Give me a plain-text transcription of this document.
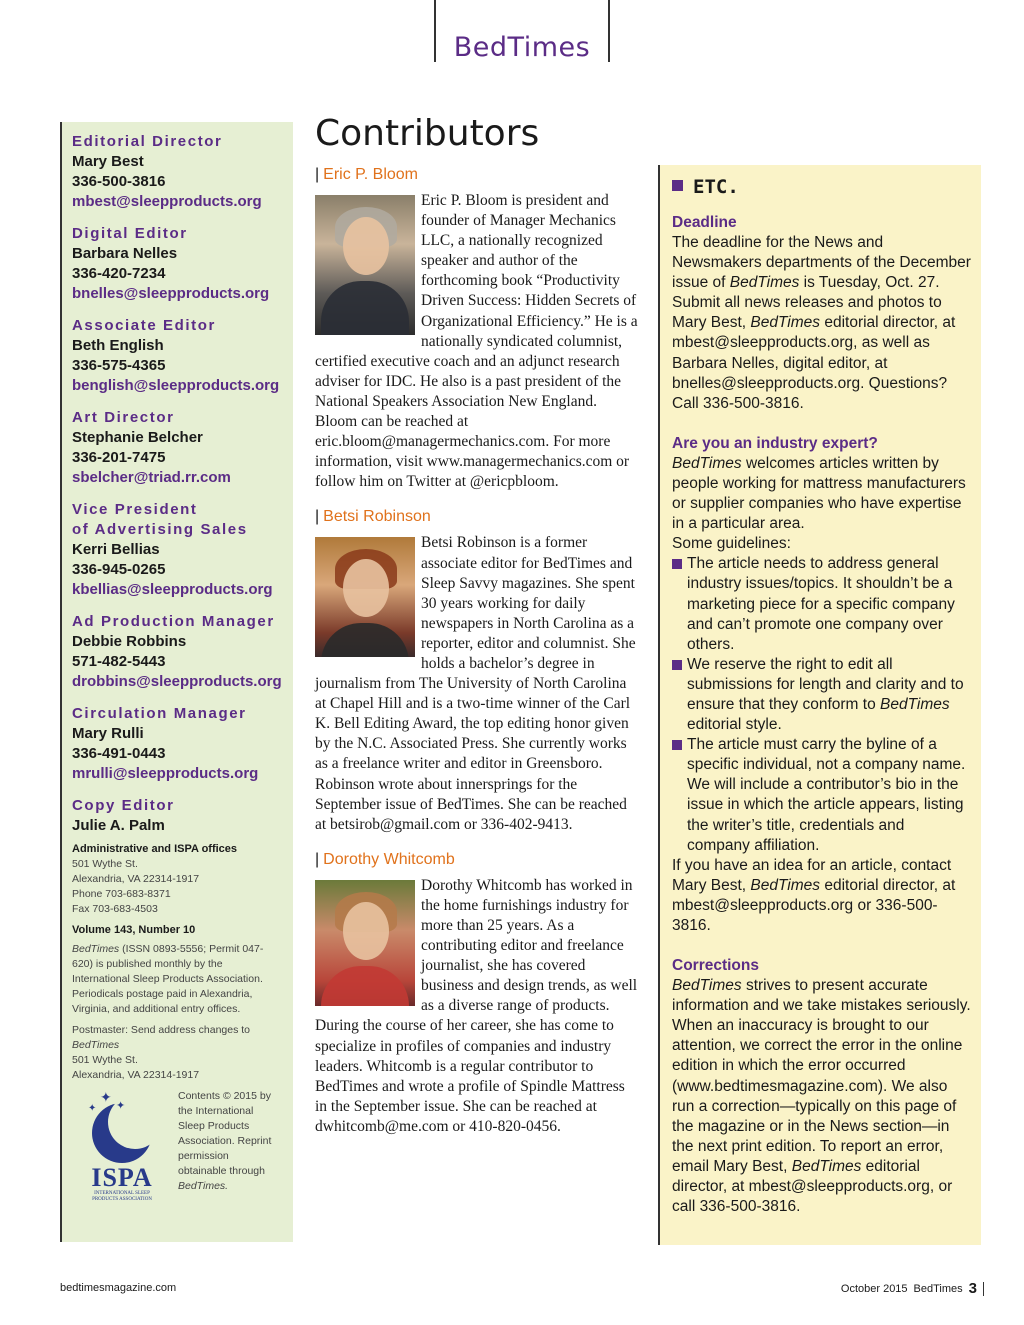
BedTimes
Editorial Director
Mary Best
336-500-3816
mbest@sleepproducts.org
Digital Editor
Barbara Nelles
336-420-7234
bnelles@sleepproducts.org
Associate Editor
Beth English
336-575-4365
benglish@sleepproducts.org
Art Director
Stephanie Belcher
336-201-7475
sbelcher@triad.rr.com
Vice President
of Advertising Sales
Kerri Bellias
336-945-0265
kbellias@sleepproducts.org
Ad Production Manager
Debbie Robbins
571-482-5443
drobbins@sleepproducts.org
Circulation Manager
Mary Rulli
336-491-0443
mrulli@sleepproducts.org
Copy Editor
Julie A. Palm
Administrative and ISPA offices
501 Wythe St.
Alexandria, VA 22314-1917
Phone 703-683-8371
Fax 703-683-4503
Volume 143, Number 10
BedTimes (ISSN 0893-5556; Permit 047-620) is published monthly by the International Sleep Products Association. Periodicals postage paid in Alexandria, Virginia, and additional entry offices.
Postmaster: Send address changes to
BedTimes
501 Wythe St.
Alexandria, VA 22314-1917
✦
✦ ✦
ISPA
INTERNATIONAL SLEEP PRODUCTS ASSOCIATION
Contents © 2015 by the International Sleep Products Association. Reprint permission obtainable through BedTimes.
Contributors
| Eric P. Bloom
Eric P. Bloom is president and founder of Manager Mechanics LLC, a nationally recognized speaker and author of the forthcoming book “Productivity Driven Success: Hidden Secrets of Organizational Efficiency.” He is a nationally syndicated columnist, certified executive coach and an adjunct research adviser for IDC. He also is a past president of the National Speakers Association New England. Bloom can be reached at eric.bloom@managermechanics.com. For more information, visit www.managermechanics.com or follow him on Twitter at @ericpbloom.
| Betsi Robinson
Betsi Robinson is a former associate editor for BedTimes and Sleep Savvy magazines. She spent 30 years working for daily newspapers in North Carolina as a reporter, editor and columnist. She holds a bachelor’s degree in journalism from The University of North Carolina at Chapel Hill and is a two-time winner of the Carl K. Bell Editing Award, the top editing honor given by the N.C. Associated Press. She currently works as a freelance writer and editor in Greensboro. Robinson wrote about innersprings for the September issue of BedTimes. She can be reached at betsirob@gmail.com or 336-402-9413.
| Dorothy Whitcomb
Dorothy Whitcomb has worked in the home furnishings industry for more than 25 years. As a contributing editor and freelance journalist, she has covered business and design trends, as well as a diverse range of products. During the course of her career, she has come to specialize in profiles of companies and industry leaders. Whitcomb is a regular contributor to BedTimes and wrote a profile of Spindle Mattress in the September issue. She can be reached at dwhitcomb@me.com or 410-820-0456.
ETC.
Deadline
The deadline for the News and Newsmakers departments of the December issue of BedTimes is Tuesday, Oct. 27. Submit all news releases and photos to Mary Best, BedTimes editorial director, at mbest@sleepproducts.org, as well as Barbara Nelles, digital editor, at bnelles@sleepproducts.org. Questions? Call 336-500-3816.
Are you an industry expert?
BedTimes welcomes articles written by people working for mattress manufacturers or supplier companies who have expertise in a particular area.
Some guidelines:
The article needs to address general industry issues/topics. It shouldn’t be a marketing piece for a specific company and can’t promote one company over others.
We reserve the right to edit all submissions for length and clarity and to ensure that they conform to BedTimes editorial style.
The article must carry the byline of a specific individual, not a company name. We will include a contributor’s bio in the issue in which the article appears, listing the writer’s title, credentials and company affiliation.
If you have an idea for an article, contact Mary Best, BedTimes editorial director, at mbest@sleepproducts.org or 336-500-3816.
Corrections
BedTimes strives to present accurate information and we take mistakes seriously. When an inaccuracy is brought to our attention, we correct the error in the online edition in which the error occurred (www.bedtimesmagazine.com). We also run a correction—typically on this page of the magazine or in the News section—in the next print edition. To report an error, email Mary Best, BedTimes editorial director, at mbest@sleepproducts.org, or call 336-500-3816.
bedtimesmagazine.com	October 2015 BedTimes 3
